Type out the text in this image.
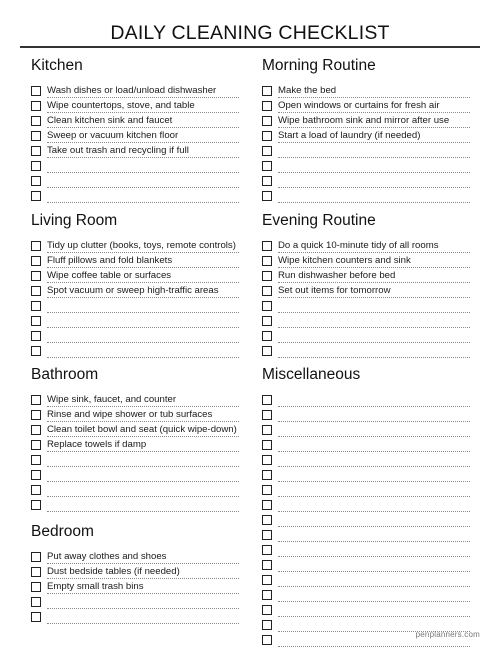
DAILY CLEANING CHECKLIST
Kitchen
Wash dishes or load/unload dishwasher
Wipe countertops, stove, and table
Clean kitchen sink and faucet
Sweep or vacuum kitchen floor
Take out trash and recycling if full
Living Room
Tidy up clutter (books, toys, remote controls)
Fluff pillows and fold blankets
Wipe coffee table or surfaces
Spot vacuum or sweep high-traffic areas
Bathroom
Wipe sink, faucet, and counter
Rinse and wipe shower or tub surfaces
Clean toilet bowl and seat (quick wipe-down)
Replace towels if damp
Bedroom
Put away clothes and shoes
Dust bedside tables (if needed)
Empty small trash bins
Morning Routine
Make the bed
Open windows or curtains for fresh air
Wipe bathroom sink and mirror after use
Start a load of laundry (if needed)
Evening Routine
Do a quick 10-minute tidy of all rooms
Wipe kitchen counters and sink
Run dishwasher before bed
Set out items for tomorrow
Miscellaneous
penplanners.com
